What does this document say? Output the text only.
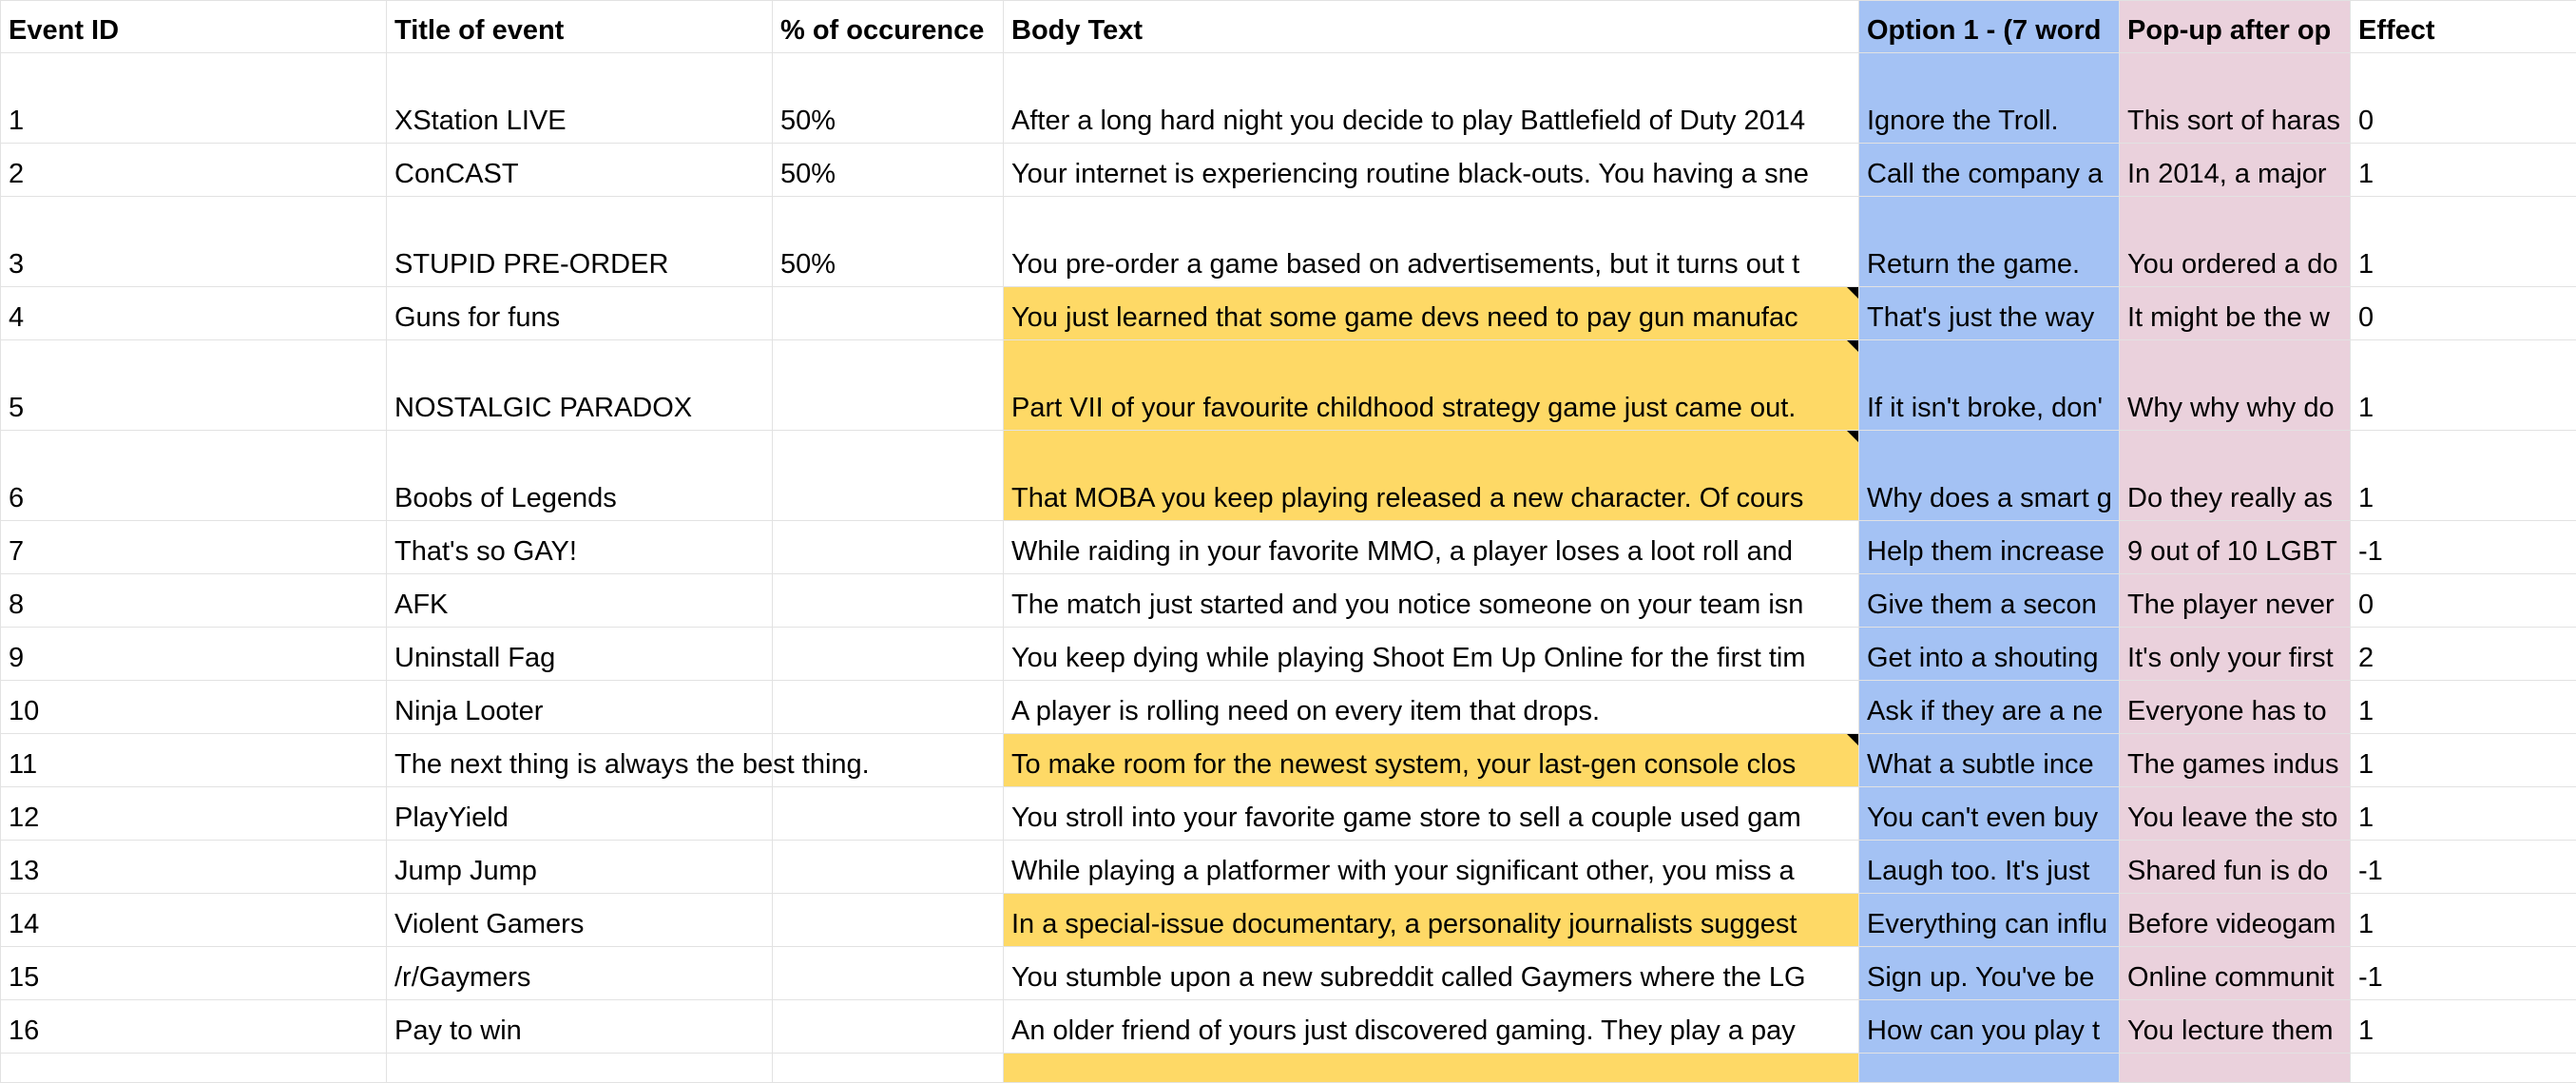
Event ID	Title of event	% of occurence	Body Text	Option 1 - (7 word	Pop-up after op	Effect
1	XStation LIVE	50%	After a long hard night you decide to play Battlefield of Duty 2014	Ignore the Troll.	This sort of haras	0
2	ConCAST	50%	Your internet is experiencing routine black-outs. You having a sne	Call the company a	In 2014, a major	1
3	STUPID PRE-ORDER	50%	You pre-order a game based on advertisements, but it turns out t	Return the game.	You ordered a do	1
4	Guns for funs		You just learned that some game devs need to pay gun manufac	That's just the way	It might be the w	0
5	NOSTALGIC PARADOX		Part VII of your favourite childhood strategy game just came out.	If it isn't broke, don'	Why why why do	1
6	Boobs of Legends		That MOBA you keep playing released a new character. Of cours	Why does a smart g	Do they really as	1
7	That's so GAY!		While raiding in your favorite MMO, a player loses a loot roll and	Help them increase	9 out of 10 LGBT	-1
8	AFK		The match just started and you notice someone on your team isn	Give them a secon	The player never	0
9	Uninstall Fag		You keep dying while playing Shoot Em Up Online for the first tim	Get into a shouting	It's only your first	2
10	Ninja Looter		A player is rolling need on every item that drops.	Ask if they are a ne	Everyone has to	1
11	The next thing is always the best thing.		To make room for the newest system, your last-gen console clos	What a subtle ince	The games indus	1
12	PlayYield		You stroll into your favorite game store to sell a couple used gam	You can't even buy	You leave the sto	1
13	Jump Jump		While playing a platformer with your significant other, you miss a	Laugh too. It's just	Shared fun is do	-1
14	Violent Gamers		In a special-issue documentary, a personality journalists suggest	Everything can influ	Before videogam	1
15	/r/Gaymers		You stumble upon a new subreddit called Gaymers where the LG	Sign up. You've be	Online communit	-1
16	Pay to win		An older friend of yours just discovered gaming. They play a pay	How can you play t	You lecture them	1
